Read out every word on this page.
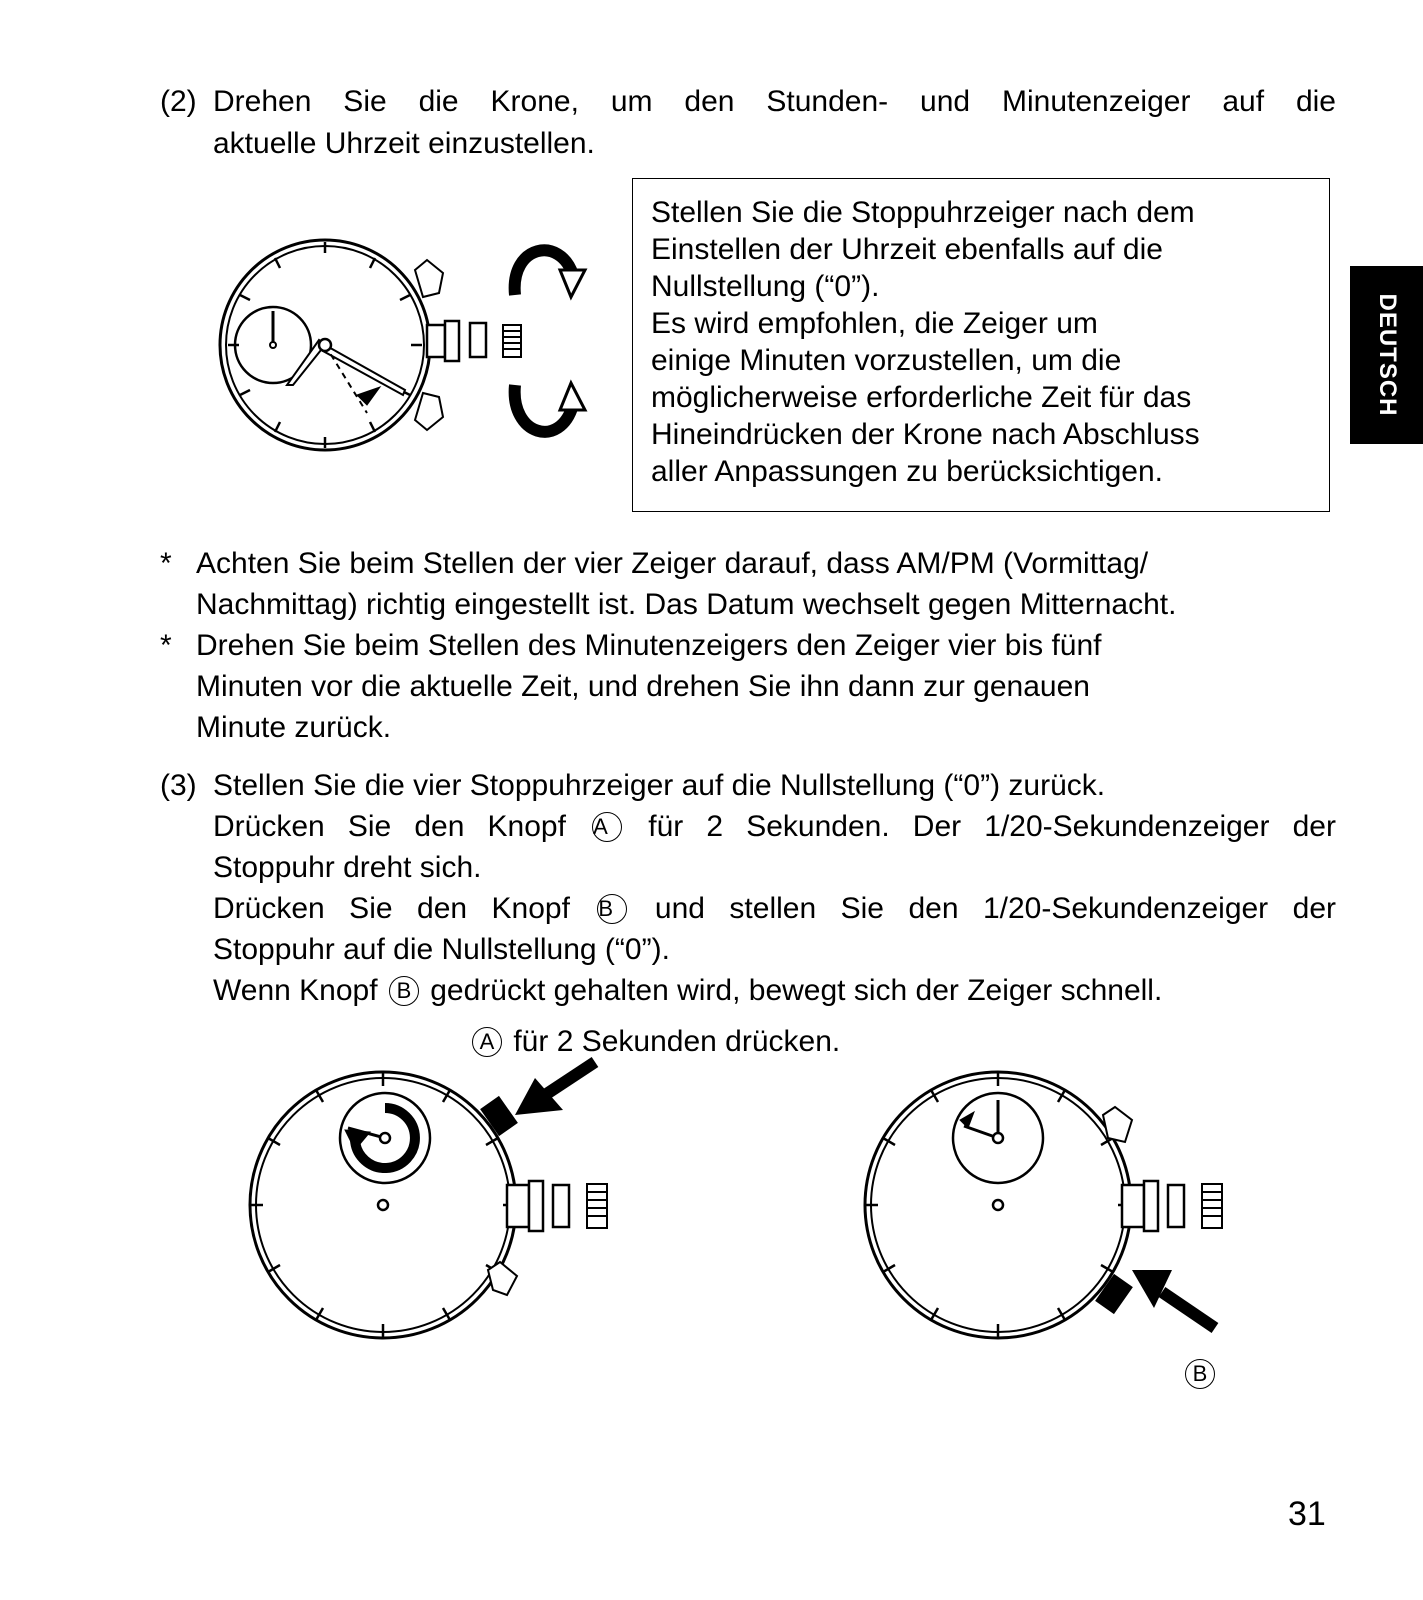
(2) Drehen Sie die Krone, um den Stunden- und Minutenzeiger auf die
aktuelle Uhrzeit einzustellen.
Stellen Sie die Stoppuhrzeiger nach dem
Einstellen der Uhrzeit ebenfalls auf die
Nullstellung (“0”).
Es wird empfohlen, die Zeiger um
einige Minuten vorzustellen, um die
möglicherweise erforderliche Zeit für das
Hineindrücken der Krone nach Abschluss
aller Anpassungen zu berücksichtigen.
DEUTSCH
* Achten Sie beim Stellen der vier Zeiger darauf, dass AM/PM (Vormittag/
Nachmittag) richtig eingestellt ist. Das Datum wechselt gegen Mitternacht.
* Drehen Sie beim Stellen des Minutenzeigers den Zeiger vier bis fünf
Minuten vor die aktuelle Zeit, und drehen Sie ihn dann zur genauen
Minute zurück.
(3) Stellen Sie die vier Stoppuhrzeiger auf die Nullstellung (“0”) zurück.
Drücken Sie den Knopf A für 2 Sekunden. Der 1/20-Sekundenzeiger der
Stoppuhr dreht sich.
Drücken Sie den Knopf B und stellen Sie den 1/20-Sekundenzeiger der
Stoppuhr auf die Nullstellung (“0”).
Wenn Knopf B gedrückt gehalten wird, bewegt sich der Zeiger schnell.
A für 2 Sekunden drücken.
B
31
